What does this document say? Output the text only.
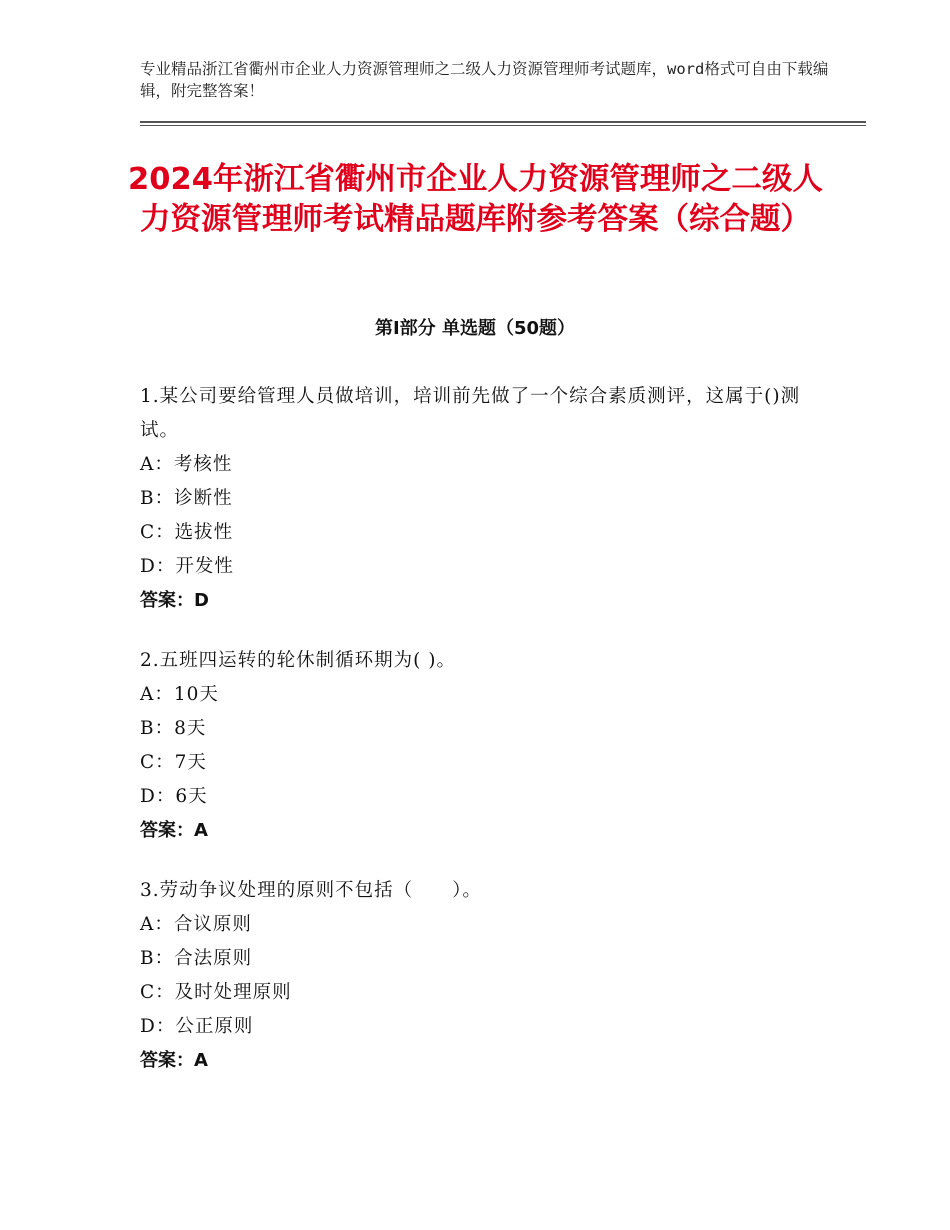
专业精品浙江省衢州市企业人力资源管理师之二级人力资源管理师考试题库，word格式可自由下载编辑，附完整答案！
2024年浙江省衢州市企业人力资源管理师之二级人力资源管理师考试精品题库附参考答案（综合题）
第I部分 单选题（50题）
1.某公司要给管理人员做培训，培训前先做了一个综合素质测评，这属于()测试。
A：考核性
B：诊断性
C：选拔性
D：开发性
答案：D
2.五班四运转的轮休制循环期为( )。
A：10天
B：8天
C：7天
D：6天
答案：A
3.劳动争议处理的原则不包括（　　）。
A：合议原则
B：合法原则
C：及时处理原则
D：公正原则
答案：A
